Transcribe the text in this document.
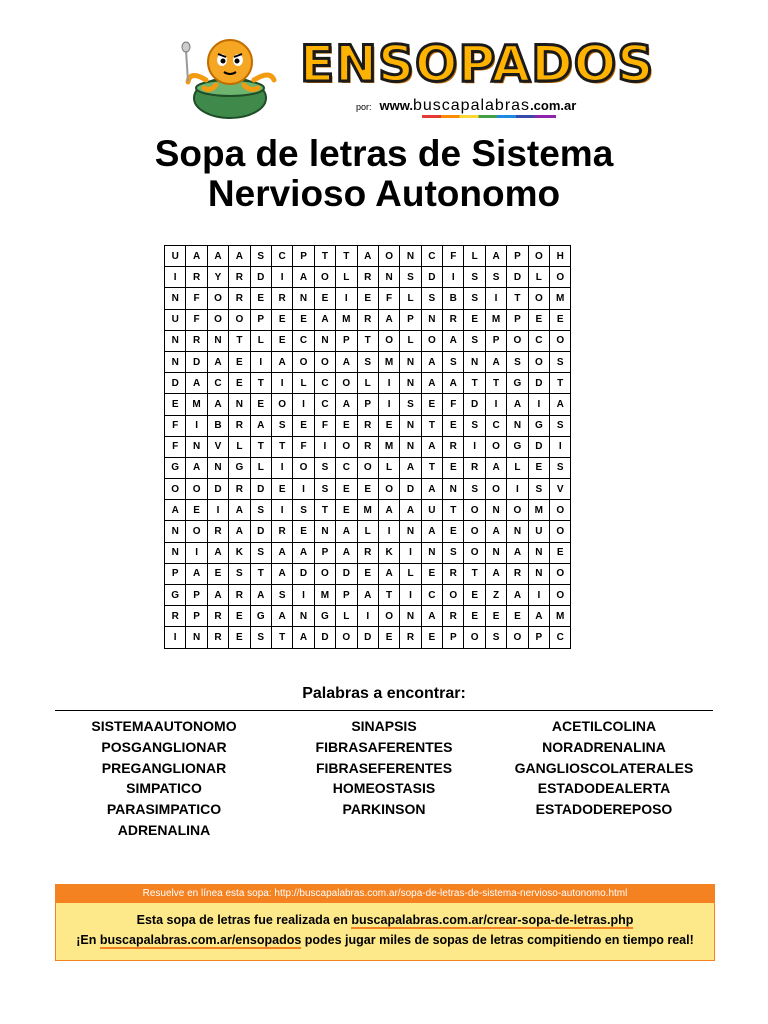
ENSOPADOS
por: www.buscapalabras.com.ar
Sopa de letras de Sistema
Nervioso Autonomo
U	A	A	A	S	C	P	T	T	A	O	N	C	F	L	A	P	O	H
I	R	Y	R	D	I	A	O	L	R	N	S	D	I	S	S	D	L	O
N	F	O	R	E	R	N	E	I	E	F	L	S	B	S	I	T	O	M
U	F	O	O	P	E	E	A	M	R	A	P	N	R	E	M	P	E	E
N	R	N	T	L	E	C	N	P	T	O	L	O	A	S	P	O	C	O
N	D	A	E	I	A	O	O	A	S	M	N	A	S	N	A	S	O	S
D	A	C	E	T	I	L	C	O	L	I	N	A	A	T	T	G	D	T
E	M	A	N	E	O	I	C	A	P	I	S	E	F	D	I	A	I	A
F	I	B	R	A	S	E	F	E	R	E	N	T	E	S	C	N	G	S
F	N	V	L	T	T	F	I	O	R	M	N	A	R	I	O	G	D	I
G	A	N	G	L	I	O	S	C	O	L	A	T	E	R	A	L	E	S
O	O	D	R	D	E	I	S	E	E	O	D	A	N	S	O	I	S	V
A	E	I	A	S	I	S	T	E	M	A	A	U	T	O	N	O	M	O
N	O	R	A	D	R	E	N	A	L	I	N	A	E	O	A	N	U	O
N	I	A	K	S	A	A	P	A	R	K	I	N	S	O	N	A	N	E
P	A	E	S	T	A	D	O	D	E	A	L	E	R	T	A	R	N	O
G	P	A	R	A	S	I	M	P	A	T	I	C	O	E	Z	A	I	O
R	P	R	E	G	A	N	G	L	I	O	N	A	R	E	E	E	A	M
I	N	R	E	S	T	A	D	O	D	E	R	E	P	O	S	O	P	C
Palabras a encontrar:
SISTEMAAUTONOMO
POSGANGLIONAR
PREGANGLIONAR
SIMPATICO
PARASIMPATICO
ADRENALINA
SINAPSIS
FIBRASAFERENTES
FIBRASEFERENTES
HOMEOSTASIS
PARKINSON
ACETILCOLINA
NORADRENALINA
GANGLIOSCOLATERALES
ESTADODEALERTA
ESTADODEREPOSO
Resuelve en línea esta sopa: http://buscapalabras.com.ar/sopa-de-letras-de-sistema-nervioso-autonomo.html
Esta sopa de letras fue realizada en buscapalabras.com.ar/crear-sopa-de-letras.php
¡En buscapalabras.com.ar/ensopados podes jugar miles de sopas de letras compitiendo en tiempo real!
